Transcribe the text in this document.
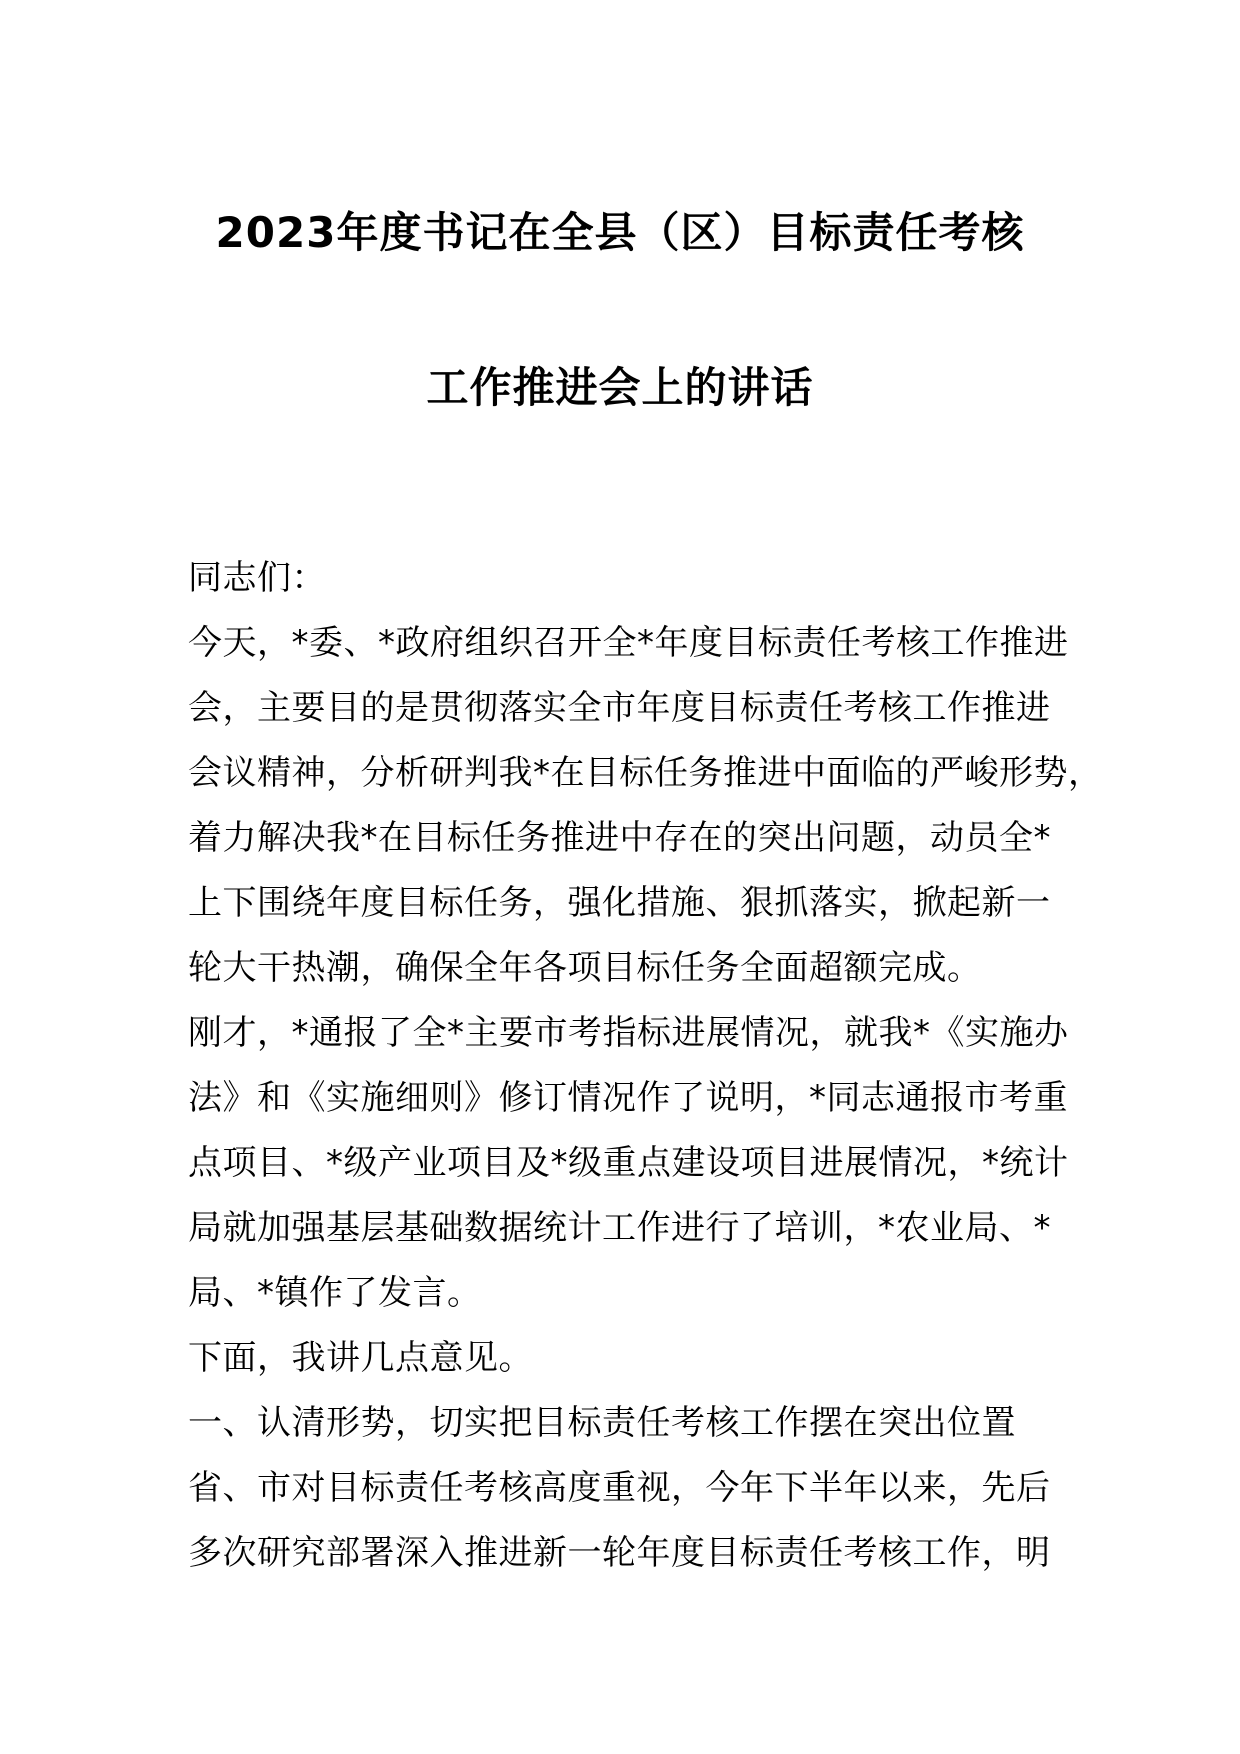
2023年度书记在全县（区）目标责任考核
工作推进会上的讲话
同志们：
今天，*委、*政府组织召开全*年度目标责任考核工作推进
会，主要目的是贯彻落实全市年度目标责任考核工作推进
会议精神，分析研判我*在目标任务推进中面临的严峻形势，
着力解决我*在目标任务推进中存在的突出问题，动员全*
上下围绕年度目标任务，强化措施、狠抓落实，掀起新一
轮大干热潮，确保全年各项目标任务全面超额完成。
刚才，*通报了全*主要市考指标进展情况，就我*《实施办
法》和《实施细则》修订情况作了说明，*同志通报市考重
点项目、*级产业项目及*级重点建设项目进展情况，*统计
局就加强基层基础数据统计工作进行了培训，*农业局、*
局、*镇作了发言。
下面，我讲几点意见。
一、认清形势，切实把目标责任考核工作摆在突出位置
省、市对目标责任考核高度重视，今年下半年以来，先后
多次研究部署深入推进新一轮年度目标责任考核工作，明
